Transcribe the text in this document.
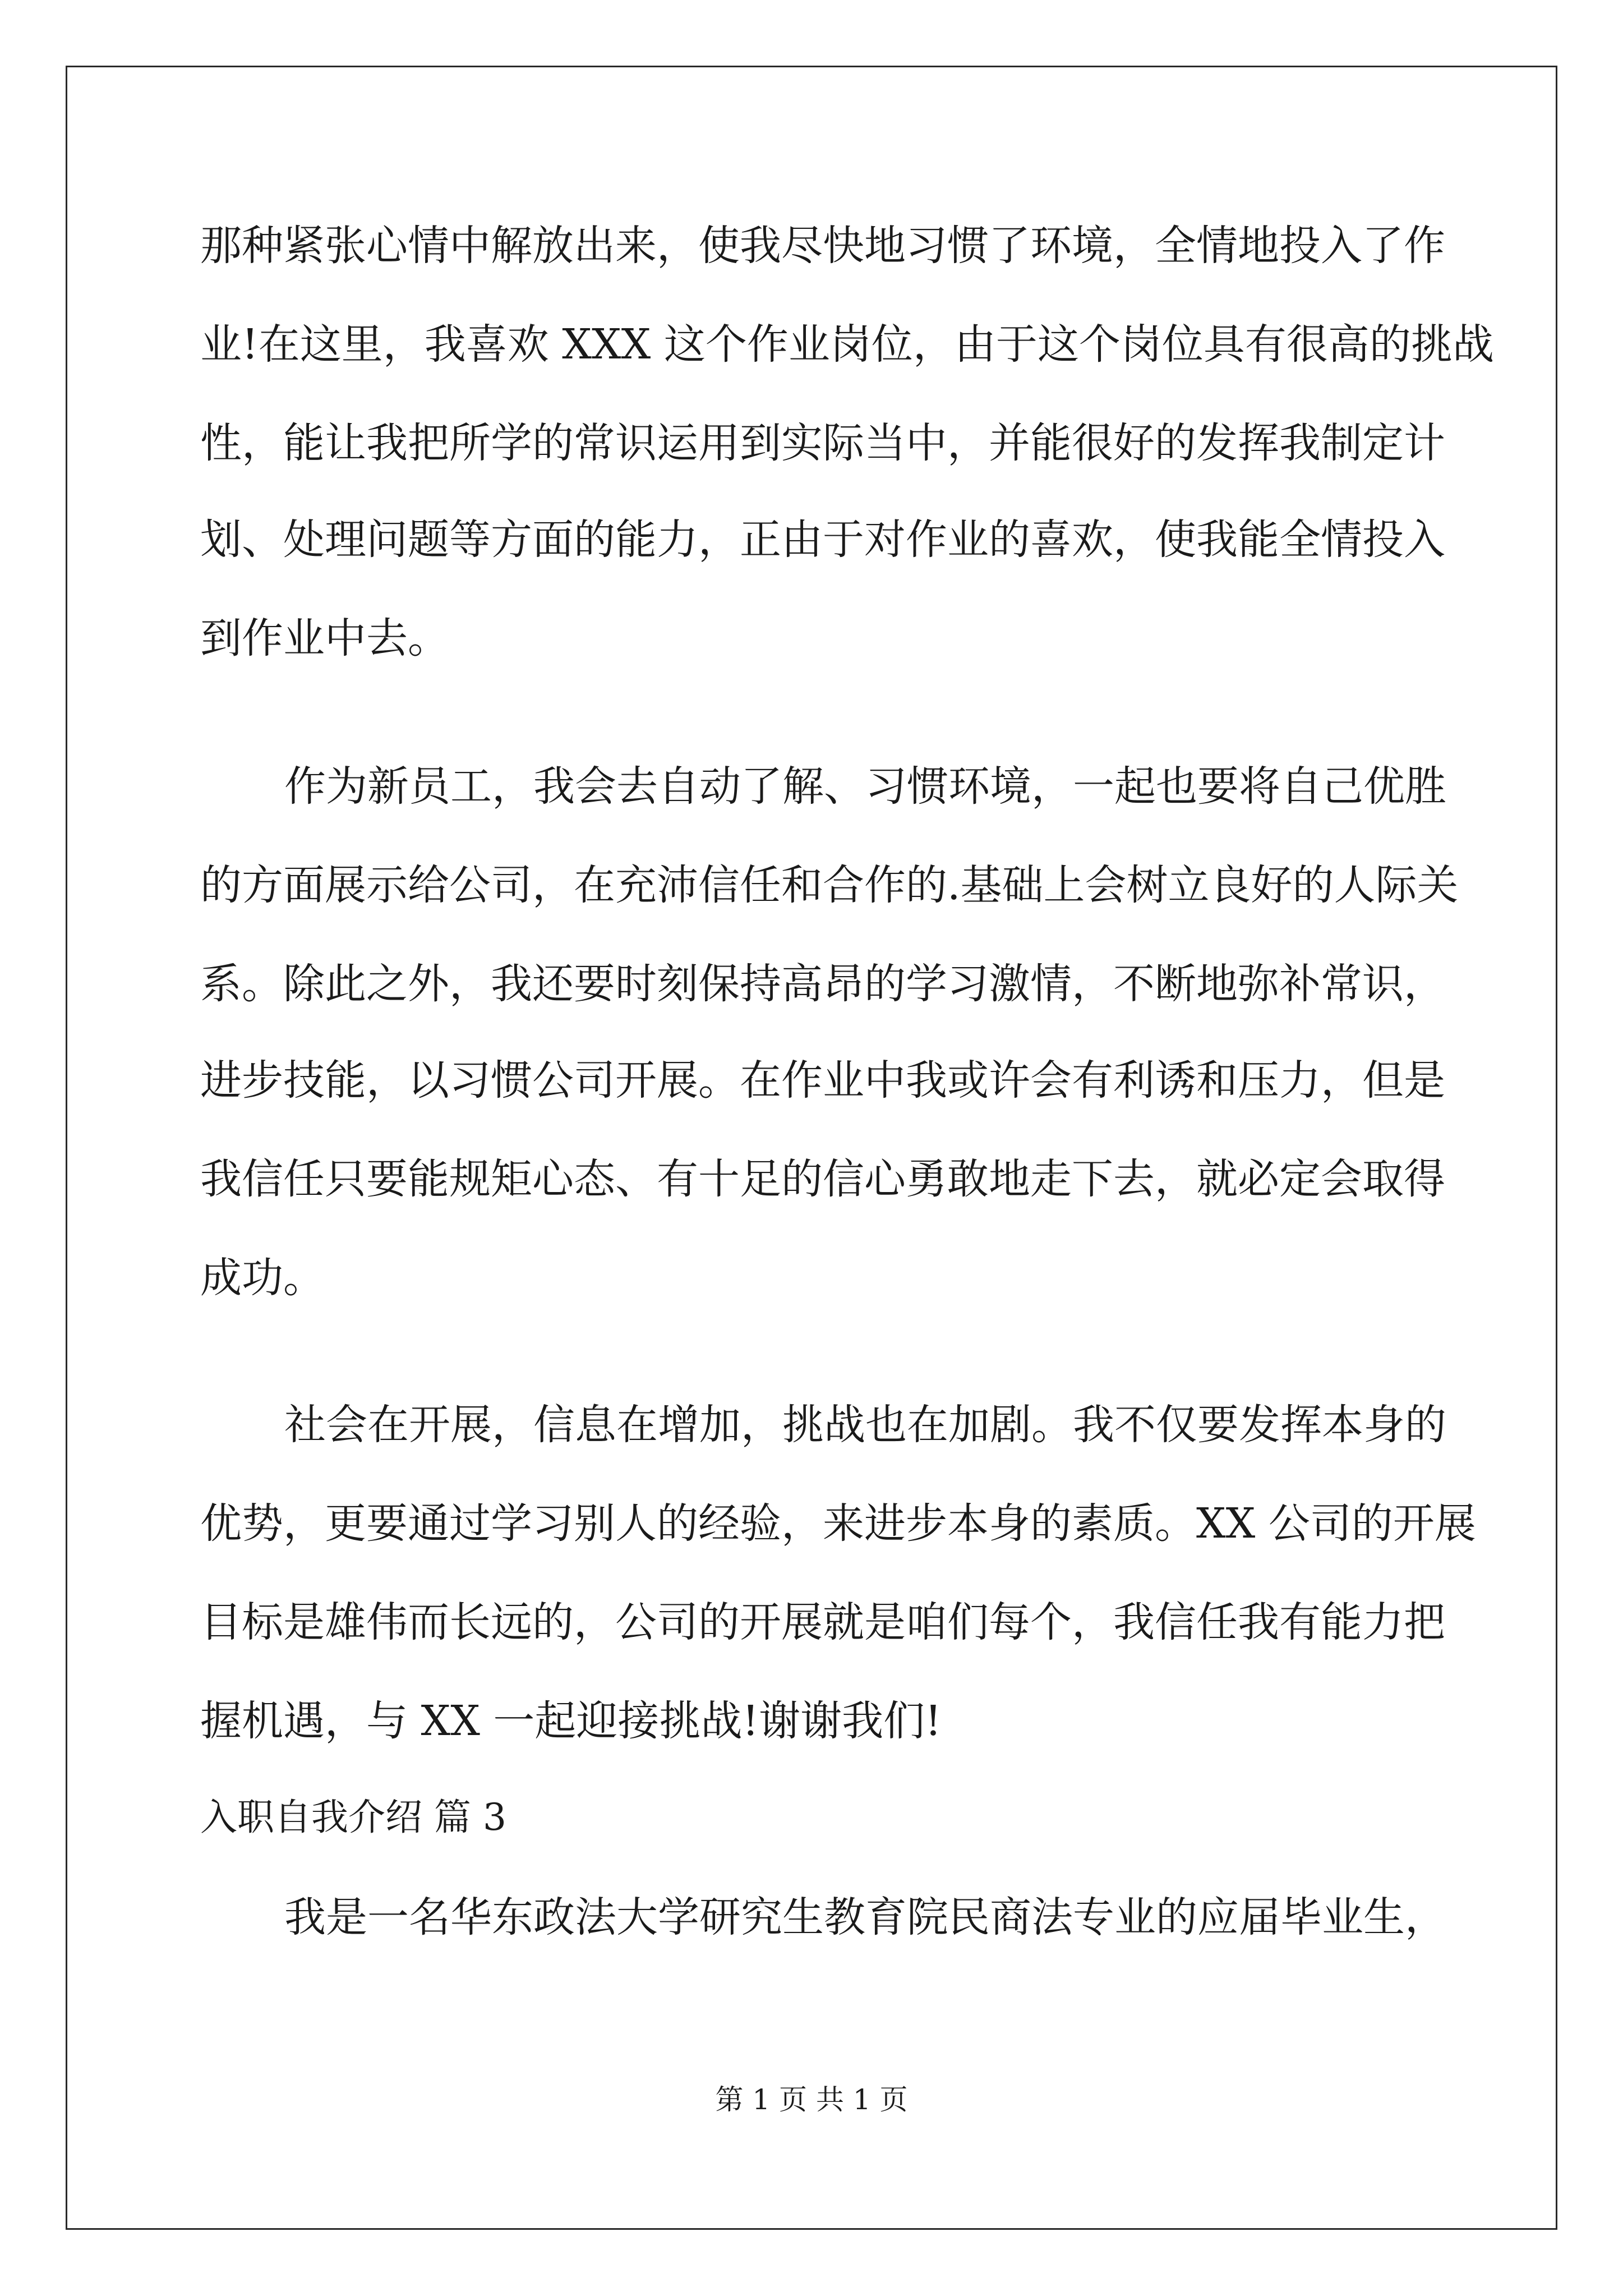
那种紧张心情中解放出来，使我尽快地习惯了环境，全情地投入了作
业!在这里，我喜欢 XXX 这个作业岗位，由于这个岗位具有很高的挑战
性，能让我把所学的常识运用到实际当中，并能很好的发挥我制定计
划、处理问题等方面的能力，正由于对作业的喜欢，使我能全情投入
到作业中去。
作为新员工，我会去自动了解、习惯环境，一起也要将自己优胜
的方面展示给公司，在充沛信任和合作的.基础上会树立良好的人际关
系。除此之外，我还要时刻保持高昂的学习激情，不断地弥补常识，
进步技能，以习惯公司开展。在作业中我或许会有利诱和压力，但是
我信任只要能规矩心态、有十足的信心勇敢地走下去，就必定会取得
成功。
社会在开展，信息在增加，挑战也在加剧。我不仅要发挥本身的
优势，更要通过学习别人的经验，来进步本身的素质。XX 公司的开展
目标是雄伟而长远的，公司的开展就是咱们每个，我信任我有能力把
握机遇，与 XX 一起迎接挑战!谢谢我们!
入职自我介绍 篇 3
我是一名华东政法大学研究生教育院民商法专业的应届毕业生，
第 1 页 共 1 页
